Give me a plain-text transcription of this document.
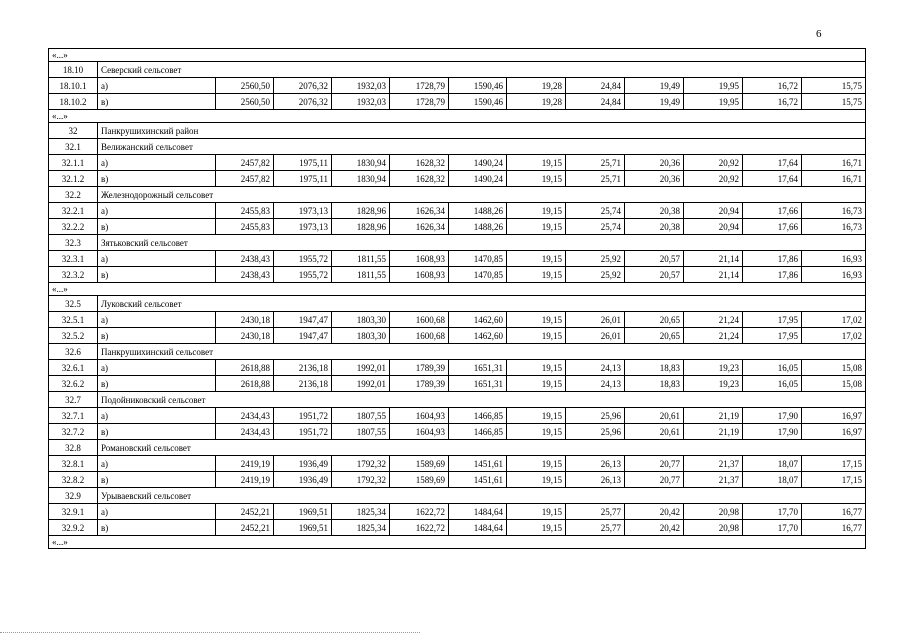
6
«...»												
18.10	Северский сельсовет											
18.10.1	а)	2560,50	2076,32	1932,03	1728,79	1590,46	19,28	24,84	19,49	19,95	16,72	15,75
18.10.2	в)	2560,50	2076,32	1932,03	1728,79	1590,46	19,28	24,84	19,49	19,95	16,72	15,75
«...»												
32	Панкрушихинский район											
32.1	Велижанский сельсовет											
32.1.1	а)	2457,82	1975,11	1830,94	1628,32	1490,24	19,15	25,71	20,36	20,92	17,64	16,71
32.1.2	в)	2457,82	1975,11	1830,94	1628,32	1490,24	19,15	25,71	20,36	20,92	17,64	16,71
32.2	Железнодорожный сельсовет											
32.2.1	а)	2455,83	1973,13	1828,96	1626,34	1488,26	19,15	25,74	20,38	20,94	17,66	16,73
32.2.2	в)	2455,83	1973,13	1828,96	1626,34	1488,26	19,15	25,74	20,38	20,94	17,66	16,73
32.3	Зятьковский сельсовет											
32.3.1	а)	2438,43	1955,72	1811,55	1608,93	1470,85	19,15	25,92	20,57	21,14	17,86	16,93
32.3.2	в)	2438,43	1955,72	1811,55	1608,93	1470,85	19,15	25,92	20,57	21,14	17,86	16,93
«...»												
32.5	Луковский сельсовет											
32.5.1	а)	2430,18	1947,47	1803,30	1600,68	1462,60	19,15	26,01	20,65	21,24	17,95	17,02
32.5.2	в)	2430,18	1947,47	1803,30	1600,68	1462,60	19,15	26,01	20,65	21,24	17,95	17,02
32.6	Панкрушихинский сельсовет											
32.6.1	а)	2618,88	2136,18	1992,01	1789,39	1651,31	19,15	24,13	18,83	19,23	16,05	15,08
32.6.2	в)	2618,88	2136,18	1992,01	1789,39	1651,31	19,15	24,13	18,83	19,23	16,05	15,08
32.7	Подойниковский сельсовет											
32.7.1	а)	2434,43	1951,72	1807,55	1604,93	1466,85	19,15	25,96	20,61	21,19	17,90	16,97
32.7.2	в)	2434,43	1951,72	1807,55	1604,93	1466,85	19,15	25,96	20,61	21,19	17,90	16,97
32.8	Романовский сельсовет											
32.8.1	а)	2419,19	1936,49	1792,32	1589,69	1451,61	19,15	26,13	20,77	21,37	18,07	17,15
32.8.2	в)	2419,19	1936,49	1792,32	1589,69	1451,61	19,15	26,13	20,77	21,37	18,07	17,15
32.9	Урываевский сельсовет											
32.9.1	а)	2452,21	1969,51	1825,34	1622,72	1484,64	19,15	25,77	20,42	20,98	17,70	16,77
32.9.2	в)	2452,21	1969,51	1825,34	1622,72	1484,64	19,15	25,77	20,42	20,98	17,70	16,77
«...»												
